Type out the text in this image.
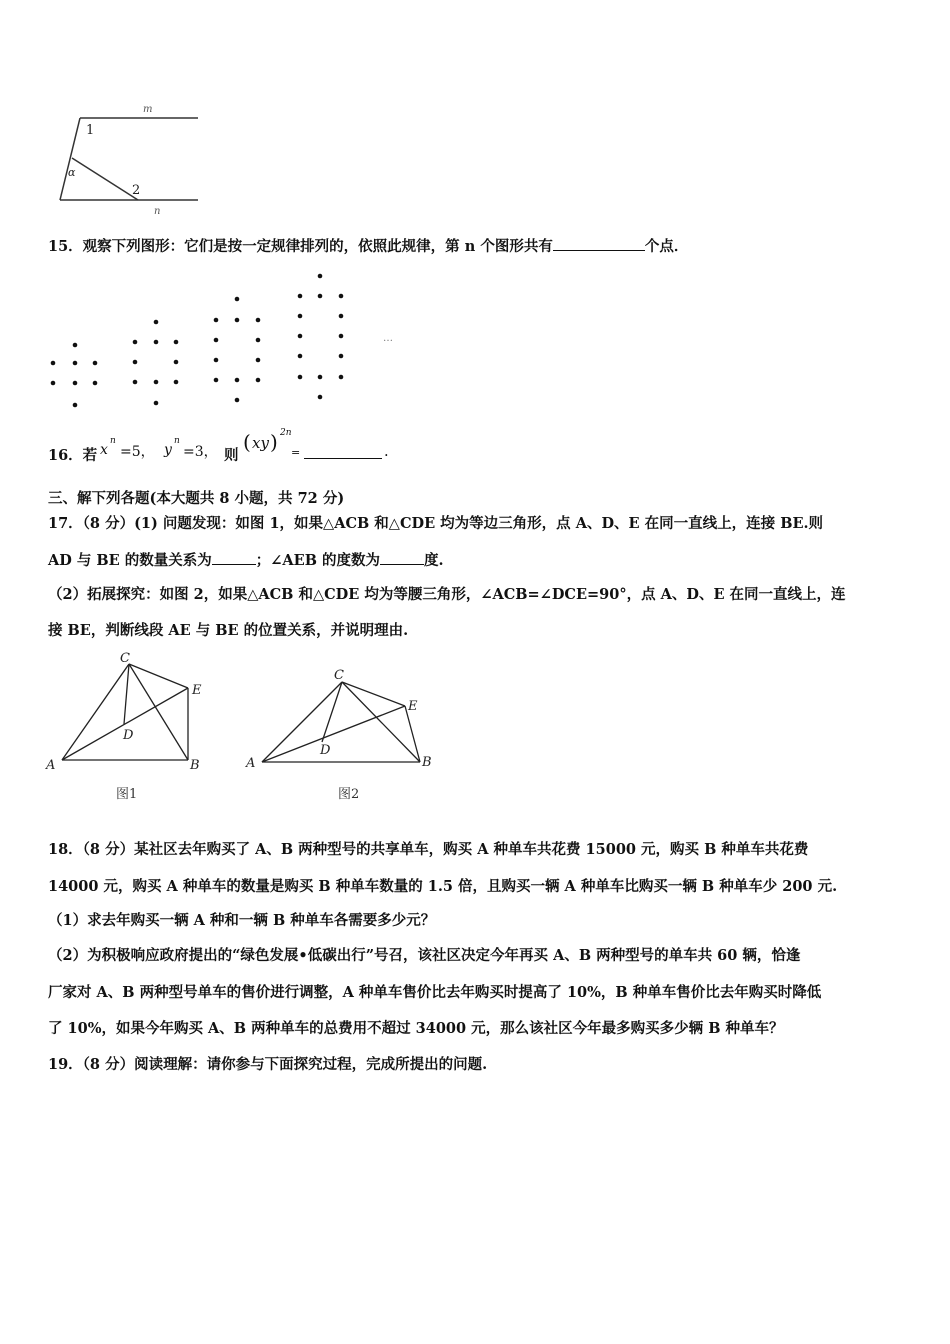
m
n
1
2
α
15．观察下列图形：它们是按一定规律排列的，依照此规律，第 n 个图形共有	个点．
…
16．若 x
n
=5， y
n
=3， 则
( xy ) 2n
=	.
三、解下列各题(本大题共 8 小题，共 72 分)
17．（8 分）(1) 问题发现：如图 1，如果△ACB 和△CDE 均为等边三角形，点 A、D、E 在同一直线上，连接 BE.则
AD 与 BE 的数量关系为	；∠AEB 的度数为	度.
（2）拓展探究：如图 2，如果△ACB 和△CDE 均为等腰三角形，∠ACB=∠DCE=90°，点 A、D、E 在同一直线上，连
接 BE，判断线段 AE 与 BE 的位置关系，并说明理由.
C
E
D
A	B
图1
C
E
D
A	B
图2
18．（8 分）某社区去年购买了 A、B 两种型号的共享单车，购买 A 种单车共花费 15000 元，购买 B 种单车共花费
14000 元，购买 A 种单车的数量是购买 B 种单车数量的 1.5 倍，且购买一辆 A 种单车比购买一辆 B 种单车少 200 元.
（1）求去年购买一辆 A 种和一辆 B 种单车各需要多少元？
（2）为积极响应政府提出的“绿色发展•低碳出行”号召，该社区决定今年再买 A、B 两种型号的单车共 60 辆，恰逢
厂家对 A、B 两种型号单车的售价进行调整，A 种单车售价比去年购买时提高了 10%，B 种单车售价比去年购买时降低
了 10%，如果今年购买 A、B 两种单车的总费用不超过 34000 元，那么该社区今年最多购买多少辆 B 种单车？
19．（8 分）阅读理解：请你参与下面探究过程，完成所提出的问题.
